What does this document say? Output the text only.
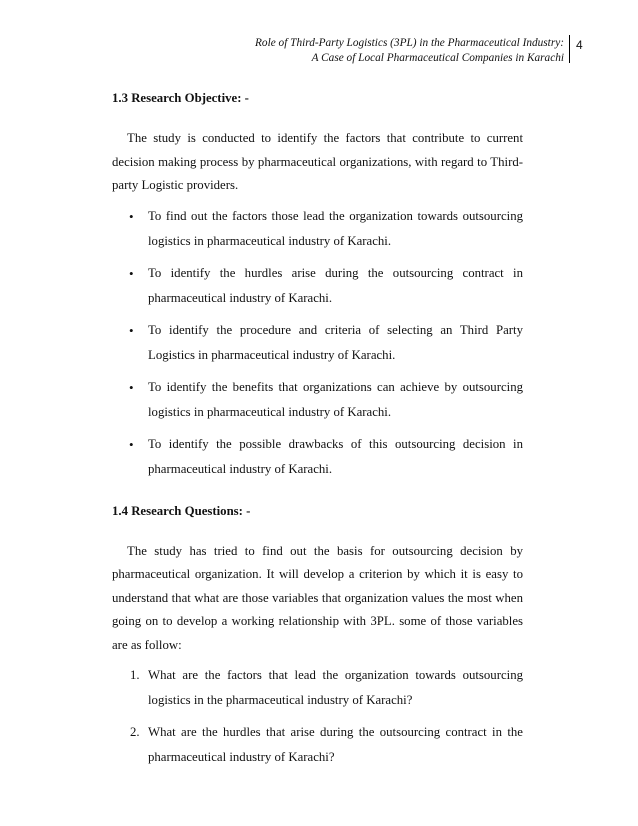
Role of Third-Party Logistics (3PL) in the Pharmaceutical Industry:
A Case of Local Pharmaceutical Companies in Karachi
4
1.3 Research Objective: -

The study is conducted to identify the factors that contribute to current decision making process by pharmaceutical organizations, with regard to Third-party Logistic providers.

• To find out the factors those lead the organization towards outsourcing logistics in pharmaceutical industry of Karachi.
• To identify the hurdles arise during the outsourcing contract in pharmaceutical industry of Karachi.
• To identify the procedure and criteria of selecting an Third Party Logistics in pharmaceutical industry of Karachi.
• To identify the benefits that organizations can achieve by outsourcing logistics in pharmaceutical industry of Karachi.
• To identify the possible drawbacks of this outsourcing decision in pharmaceutical industry of Karachi.
1.4 Research Questions: -

The study has tried to find out the basis for outsourcing decision by pharmaceutical organization. It will develop a criterion by which it is easy to understand that what are those variables that organization values the most when going on to develop a working relationship with 3PL. some of those variables are as follow:

1. What are the factors that lead the organization towards outsourcing logistics in the pharmaceutical industry of Karachi?
2. What are the hurdles that arise during the outsourcing contract in the pharmaceutical industry of Karachi?
